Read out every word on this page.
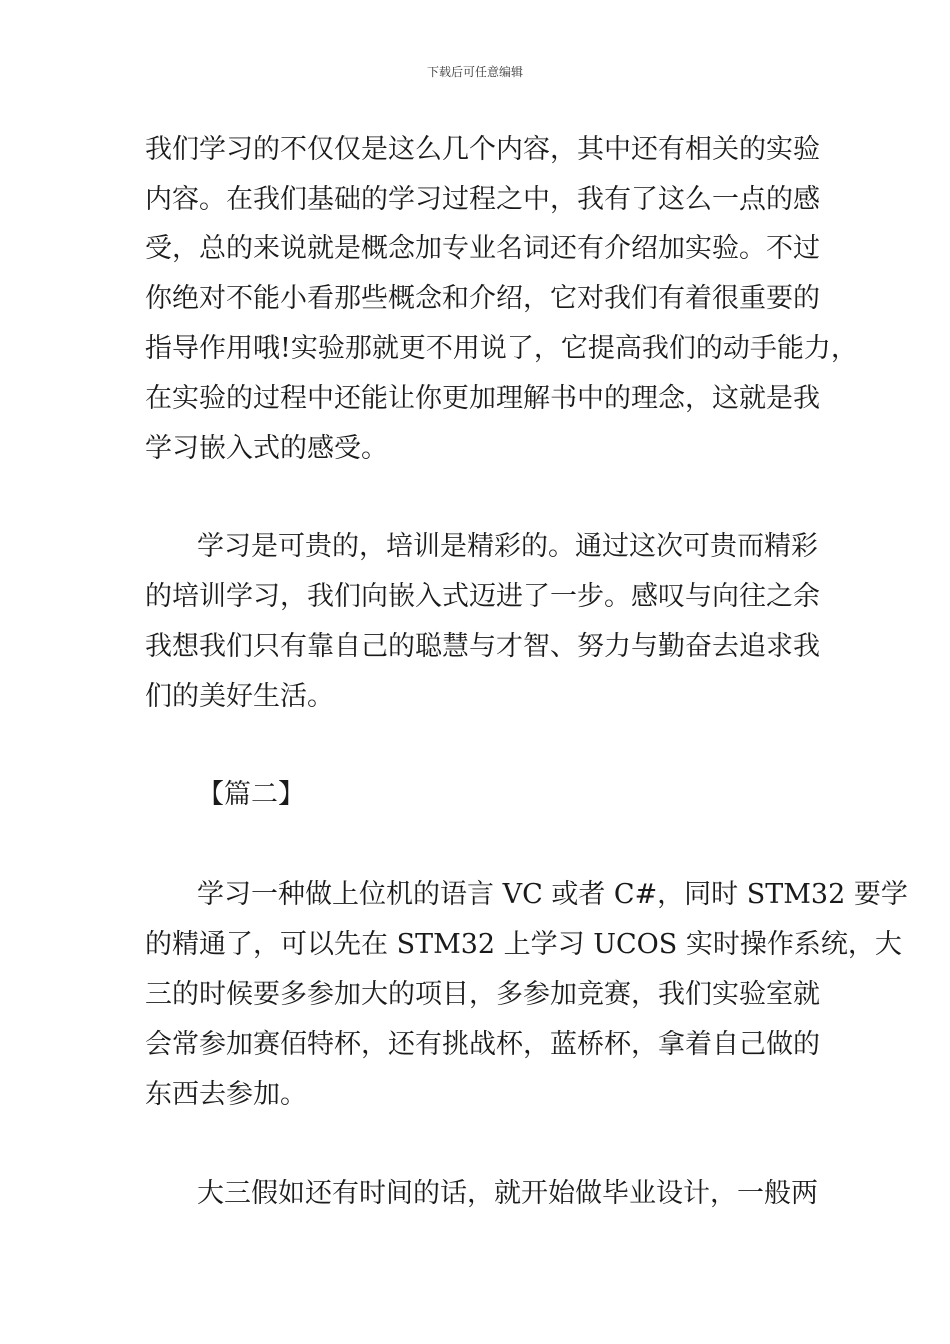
下载后可任意编辑
我们学习的不仅仅是这么几个内容，其中还有相关的实验
内容。在我们基础的学习过程之中，我有了这么一点的感
受，总的来说就是概念加专业名词还有介绍加实验。不过
你绝对不能小看那些概念和介绍，它对我们有着很重要的
指导作用哦!实验那就更不用说了，它提高我们的动手能力，
在实验的过程中还能让你更加理解书中的理念，这就是我
学习嵌入式的感受。
学习是可贵的，培训是精彩的。通过这次可贵而精彩
的培训学习，我们向嵌入式迈进了一步。感叹与向往之余
我想我们只有靠自己的聪慧与才智、努力与勤奋去追求我
们的美好生活。
【篇二】
学习一种做上位机的语言 VC 或者 C#，同时 STM32 要学
的精通了，可以先在 STM32 上学习 UCOS 实时操作系统，大
三的时候要多参加大的项目，多参加竞赛，我们实验室就
会常参加赛佰特杯，还有挑战杯，蓝桥杯，拿着自己做的
东西去参加。
大三假如还有时间的话，就开始做毕业设计，一般两
